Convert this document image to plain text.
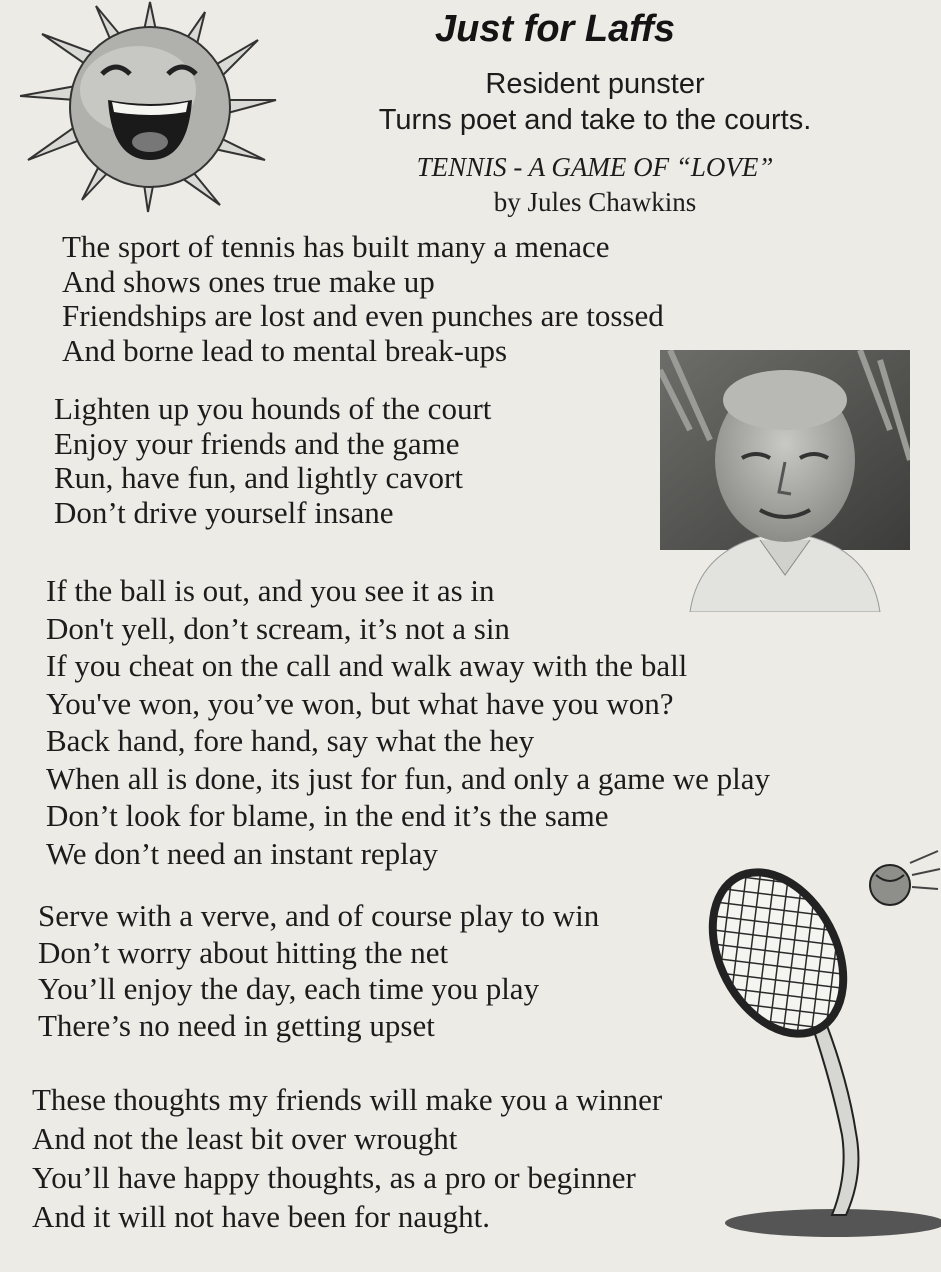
Just for Laffs
Resident punster
Turns poet and take to the courts.
TENNIS - A GAME OF “LOVE”
by Jules Chawkins
The sport of tennis has built many a menace
And shows ones true make up
Friendships are lost and even punches are tossed
And borne lead to mental break-ups
Lighten up you hounds of the court
Enjoy your friends and the game
Run, have fun, and lightly cavort
Don’t drive yourself insane
If the ball is out, and you see it as in
Don't yell, don’t scream, it’s not a sin
If you cheat on the call and walk away with the ball
You've won, you’ve won, but what have you won?
Back hand, fore hand, say what the hey
When all is done, its just for fun, and only a game we play
Don’t look for blame, in the end it’s the same
We don’t need an instant replay
Serve with a verve, and of course play to win
Don’t worry about hitting the net
You’ll enjoy the day, each time you play
There’s no need in getting upset
These thoughts my friends will make you a winner
And not the least bit over wrought
You’ll have happy thoughts, as a pro or beginner
And it will not have been for naught.
